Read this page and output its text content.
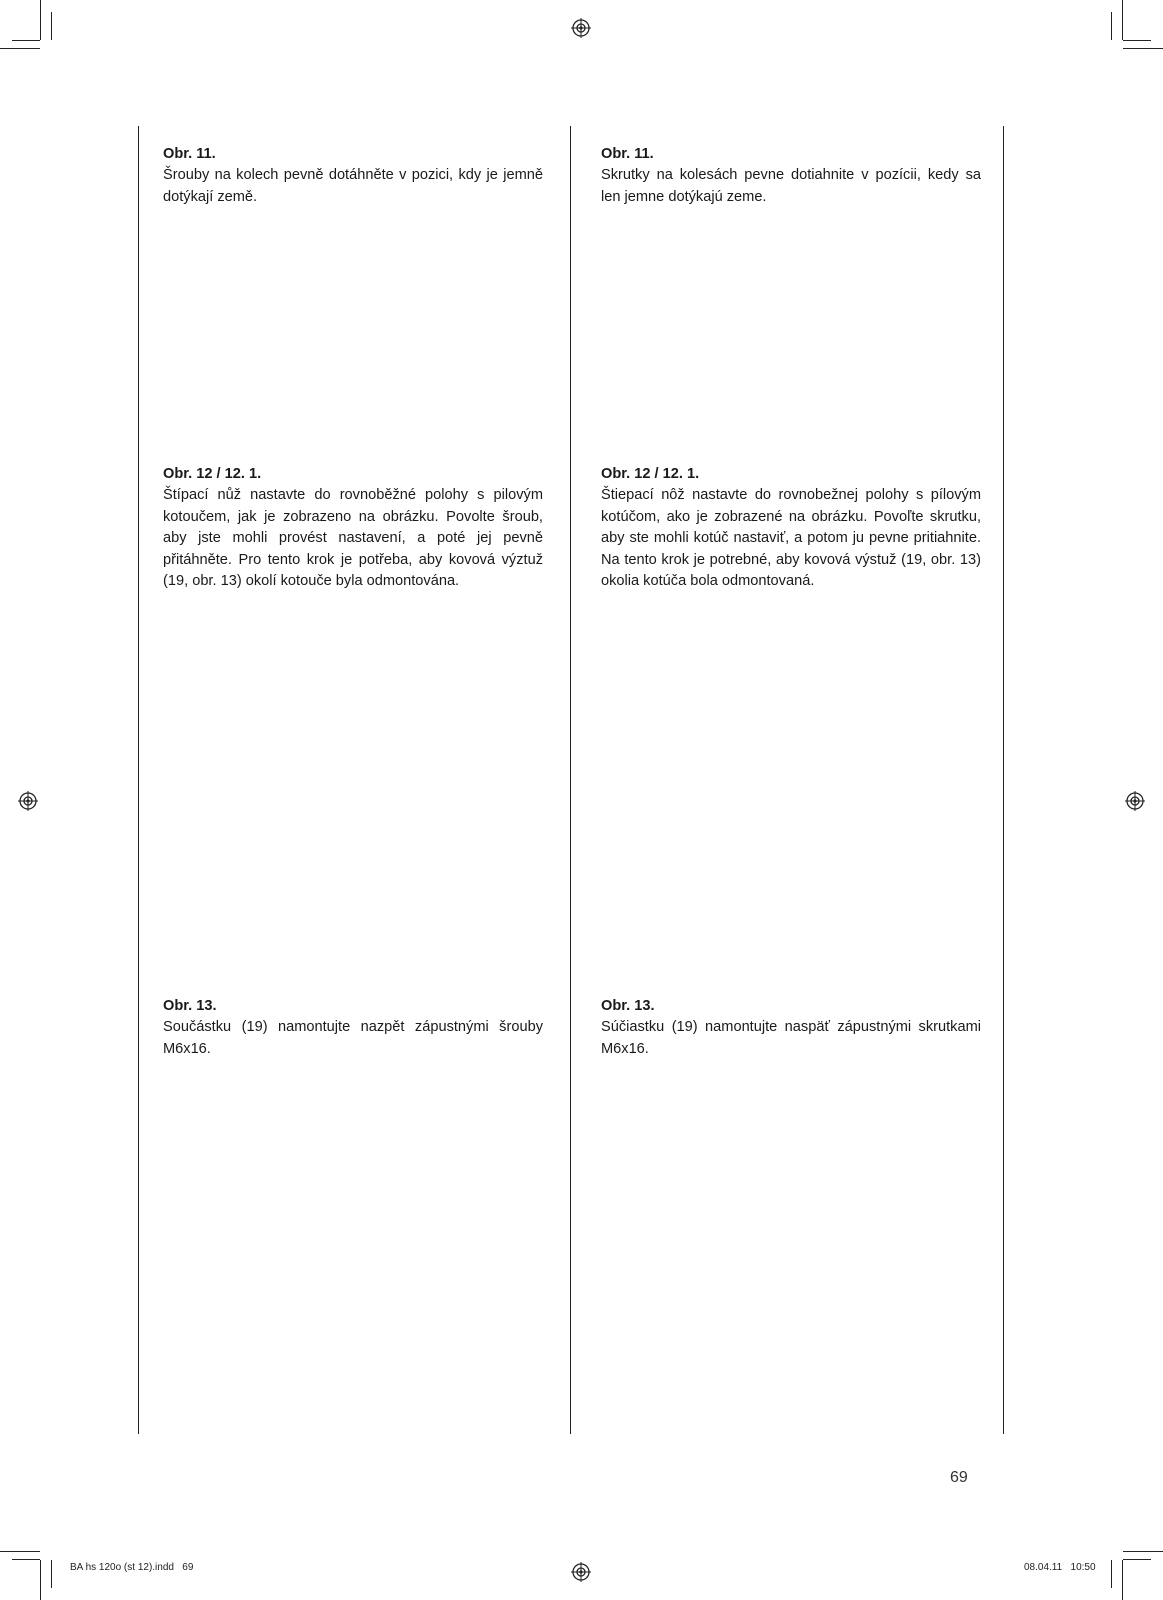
Obr. 11.

Šrouby na kolech pevně dotáhněte v pozici, kdy je jemně dotýkají země.

Obr. 12 / 12. 1.

Štípací nůž nastavte do rovnoběžné polohy s pilovým kotoučem, jak je zobrazeno na obrázku. Povolte šroub, aby jste mohli provést nastavení, a poté jej pevně přitáhněte. Pro tento krok je potřeba, aby kovová výztuž (19, obr. 13) okolí kotouče byla odmontována.

Obr. 13.

Součástku (19) namontujte nazpět zápustnými šrouby M6x16.

Obr. 11.

Skrutky na kolesách pevne dotiahnite v pozícii, kedy sa len jemne dotýkajú zeme.

Obr. 12 / 12. 1.

Štiepací nôž nastavte do rovnobežnej polohy s pílovým kotúčom, ako je zobrazené na obrázku. Povoľte skrutku, aby ste mohli kotúč nastaviť, a potom ju pevne pritiahnite. Na tento krok je potrebné, aby kovová výstuž (19, obr. 13) okolia kotúča bola odmontovaná.

Obr. 13.

Súčiastku (19) namontujte naspäť zápustnými skrutkami M6x16.

69
BA hs 120o (st 12).indd   69	08.04.11   10:50
